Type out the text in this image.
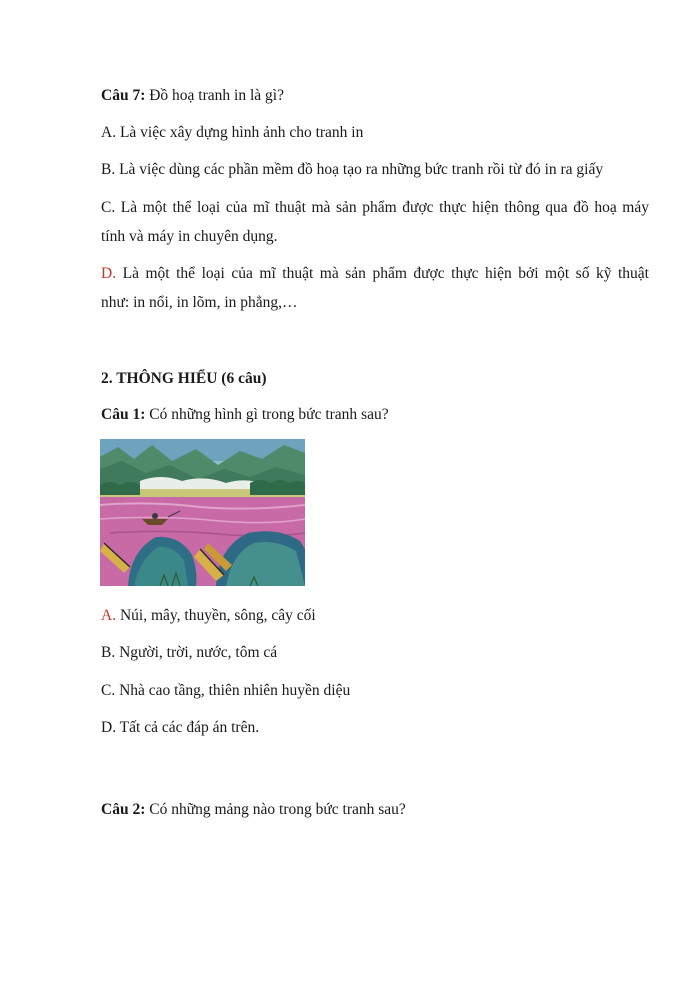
Câu 7: Đồ hoạ tranh in là gì?
A. Là việc xây dựng hình ảnh cho tranh in
B. Là việc dùng các phần mềm đồ hoạ tạo ra những bức tranh rồi từ đó in ra giấy
C. Là một thể loại của mĩ thuật mà sản phẩm được thực hiện thông qua đồ hoạ máy
tính và máy in chuyên dụng.
D. Là một thể loại của mĩ thuật mà sản phẩm được thực hiện bởi một số kỹ thuật
như: in nổi, in lõm, in phẳng,…
2. THÔNG HIỂU (6 câu)
Câu 1: Có những hình gì trong bức tranh sau?
A. Núi, mây, thuyền, sông, cây cối
B. Người, trời, nước, tôm cá
C. Nhà cao tầng, thiên nhiên huyền diệu
D. Tất cả các đáp án trên.
Câu 2: Có những mảng nào trong bức tranh sau?
